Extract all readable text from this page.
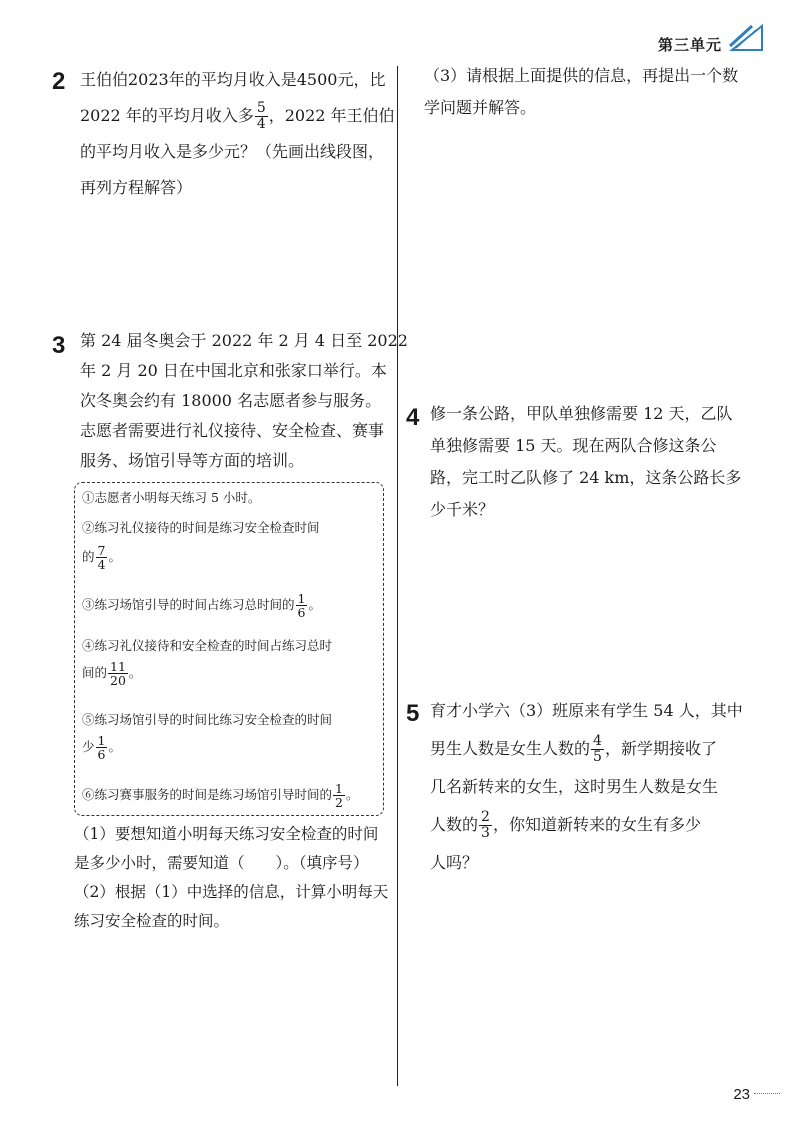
第三单元
2 王伯伯2023年的平均月收入是4500元，比

2022 年的平均月收入多 $\frac{5}{4}$ ，2022 年王伯伯

的平均月收入是多少元？（先画出线段图，

再列方程解答）

3 第 24 届冬奥会于 2022 年 2 月 4 日至 2022

年 2 月 20 日在中国北京和张家口举行。本

次冬奥会约有 18000 名志愿者参与服务。

志愿者需要进行礼仪接待、安全检查、赛事

服务、场馆引导等方面的培训。

①志愿者小明每天练习 5 小时。
②练习礼仪接待的时间是练习安全检查时间
的 $\frac{7}{4}$ 。
③练习场馆引导的时间占练习总时间的 $\frac{1}{6}$ 。
④练习礼仪接待和安全检查的时间占练习总时
间的 $\frac{11}{20}$ 。
⑤练习场馆引导的时间比练习安全检查的时间
少 $\frac{1}{6}$ 。
⑥练习赛事服务的时间是练习场馆引导时间的 $\frac{1}{2}$ 。

（1）要想知道小明每天练习安全检查的时间

是多少小时，需要知道（　　）。（填序号）

（2）根据（1）中选择的信息，计算小明每天

练习安全检查的时间。

（3）请根据上面提供的信息，再提出一个数

学问题并解答。

4 修一条公路，甲队单独修需要 12 天，乙队

单独修需要 15 天。现在两队合修这条公

路，完工时乙队修了 24 km，这条公路长多

少千米？

5 育才小学六（3）班原来有学生 54 人，其中

男生人数是女生人数的 $\frac{4}{5}$ ，新学期接收了

几名新转来的女生，这时男生人数是女生

人数的 $\frac{2}{3}$ ，你知道新转来的女生有多少

人吗？

23
